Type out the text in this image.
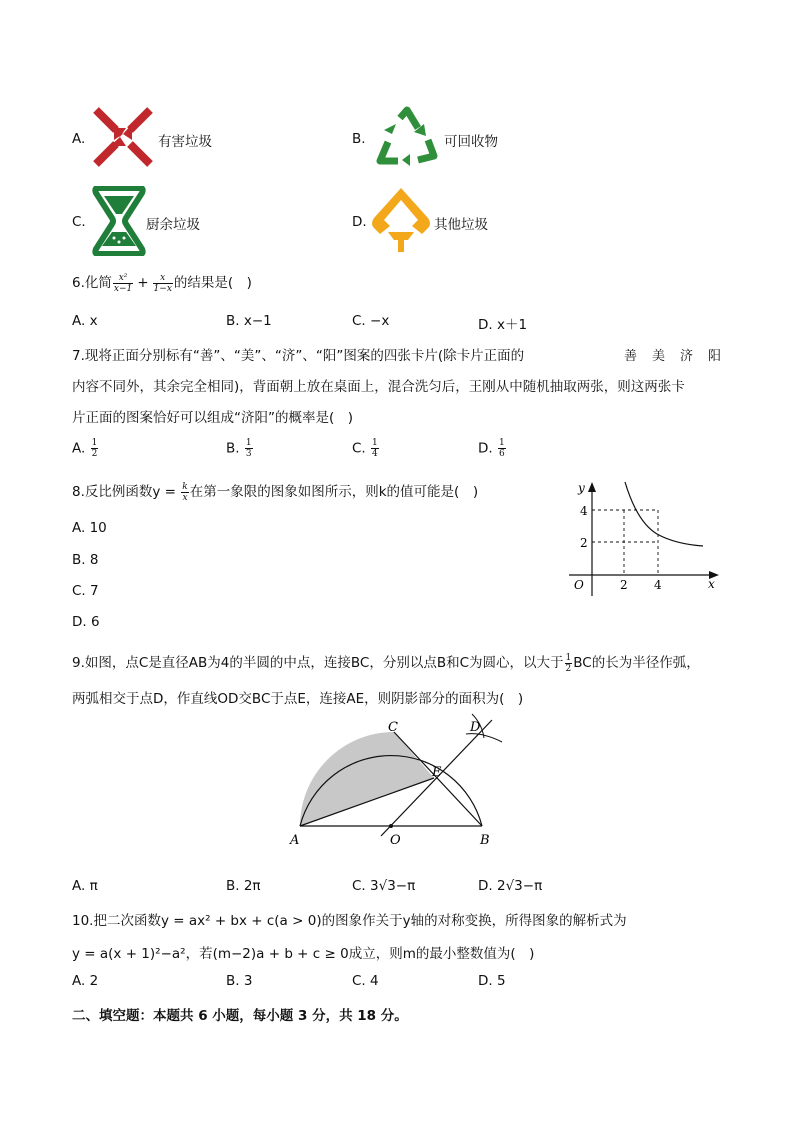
A.	有害垃圾	B.	可回收物
C.	厨余垃圾	D.	其他垃圾
6.化简 $\frac{\text{x²}}{x-1} + \frac{x}{1-x}$ 的结果是(　)
A. x	B. x−1	C. −x	D. x＋1
7.现将正面分别标有“善”、“美”、“济”、“阳”图案的四张卡片(除卡片正面的	善　美　济　阳
内容不同外，其余完全相同)，背面朝上放在桌面上，混合洗匀后，王刚从中随机抽取两张，则这两张卡
片正面的图案恰好可以组成“济阳”的概率是(　)
A. $\frac{1}{2}$	B. $\frac{1}{3}$	C. $\frac{1}{4}$	D. $\frac{1}{6}$
8.反比例函数$y = \frac{k}{x}$ 在第一象限的图象如图所示，则k的值可能是(　)
A. 10
B. 8
C. 7
D. 6
y
x
O
4
2
2 4
9.如图，点C是直径AB为4的半圆的中点，连接BC，分别以点B和C为圆心，以大于 $\frac{1}{2}$ BC的长为半径作弧，
两弧相交于点D，作直线OD交BC于点E，连接AE，则阴影部分的面积为(　)
A	B
C	D
E
O
A. π	B. 2π	C. 3√3−π	D. 2√3−π
10.把二次函数y = ax² + bx + c(a > 0)的图象作关于y轴的对称变换，所得图象的解析式为
y = a(x + 1)²−a²，若(m−2)a + b + c ≥ 0成立，则m的最小整数值为(　)
A. 2	B. 3	C. 4	D. 5
二、填空题：本题共 6 小题，每小题 3 分，共 18 分。
